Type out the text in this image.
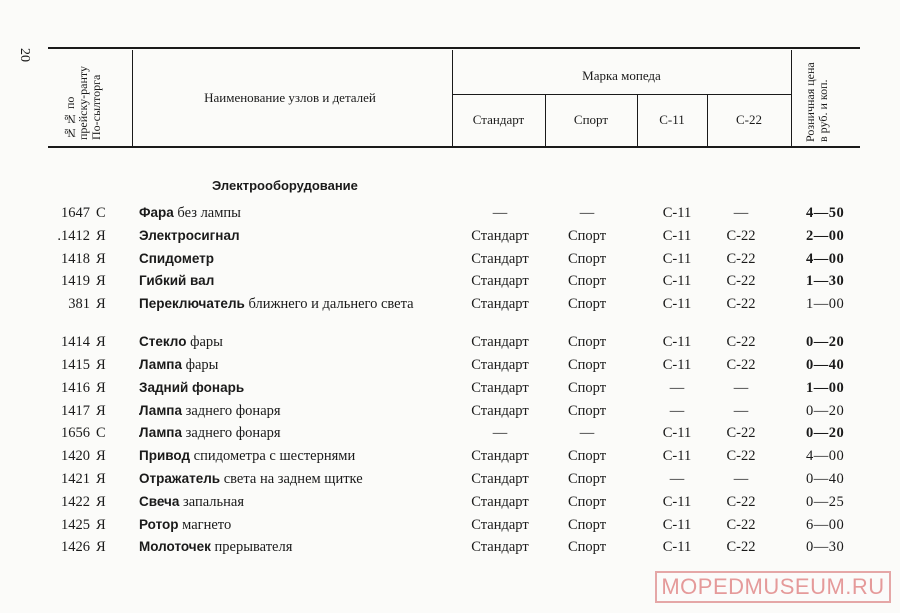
20
№№ по прейску-ранту По-сылторга	Наименование узлов и деталей
Марка мопеда
Стандарт	Спорт	С-11	С-22	Розничная цена в руб. и коп.
Электрооборудование
1647 С Фара без лампы	—	—	С-11	—	4—50
.1412 Я Электросигнал	Стандарт	Спорт	С-11 С-22	2—00
1418 Я Спидометр	Стандарт	Спорт	С-11 С-22	4—00
1419 Я Гибкий вал	Стандарт	Спорт	С-11 С-22	1—30
381 Я Переключатель ближнего и дальнего света	Стандарт	Спорт	С-11 С-22	1—00
1414 Я Стекло фары	Стандарт	Спорт	С-11 С-22	0—20
1415 Я Лампа фары	Стандарт	Спорт	С-11 С-22	0—40
1416 Я Задний фонарь	Стандарт	Спорт	—	—	1—00
1417 Я Лампа заднего фонаря	Стандарт	Спорт	—	—	0—20
1656 С Лампа заднего фонаря	—	—	С-11 С-22	0—20
1420 Я Привод спидометра с шестернями	Стандарт	Спорт	С-11 С-22	4—00
1421 Я Отражатель света на заднем щитке	Стандарт	Спорт	—	—	0—40
1422 Я Свеча запальная	Стандарт	Спорт	С-11 С-22	0—25
1425 Я Ротор магнето	Стандарт	Спорт	С-11 С-22	6—00
1426 Я Молоточек прерывателя	Стандарт	Спорт	С-11 С-22	0—30
MOPEDMUSEUM.RU
